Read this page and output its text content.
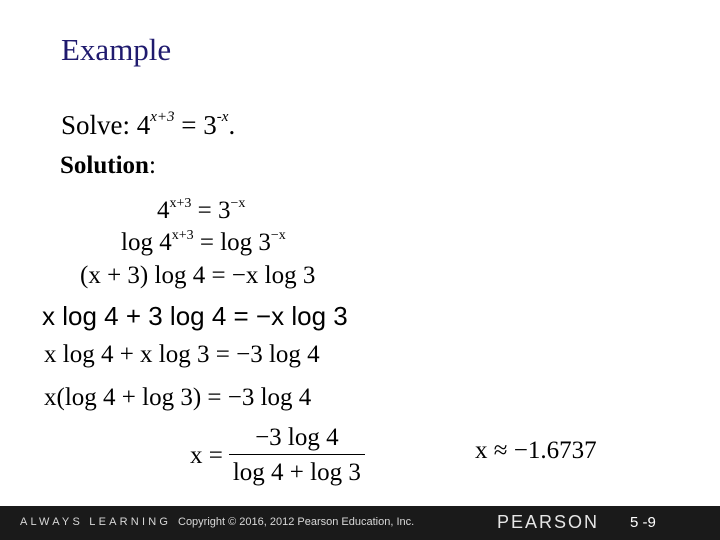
Example
Solve: $4^{x+3} = 3^{-x}$.
Solution:
$4^{x+3} = 3^{-x}$
$\log 4^{x+3} = \log 3^{-x}$
(x + 3) log 4 = −x log 3
x log 4 + 3 log 4 = −x log 3
x log 4 + x log 3 = −3 log 4
x(log 4 + log 3) = −3 log 4
$x = \frac{-3 \log 4}{\log 4 + \log 3}$	x ≈ −1.6737
ALWAYS LEARNING Copyright © 2016, 2012 Pearson Education, Inc.	PEARSON 5 -9
